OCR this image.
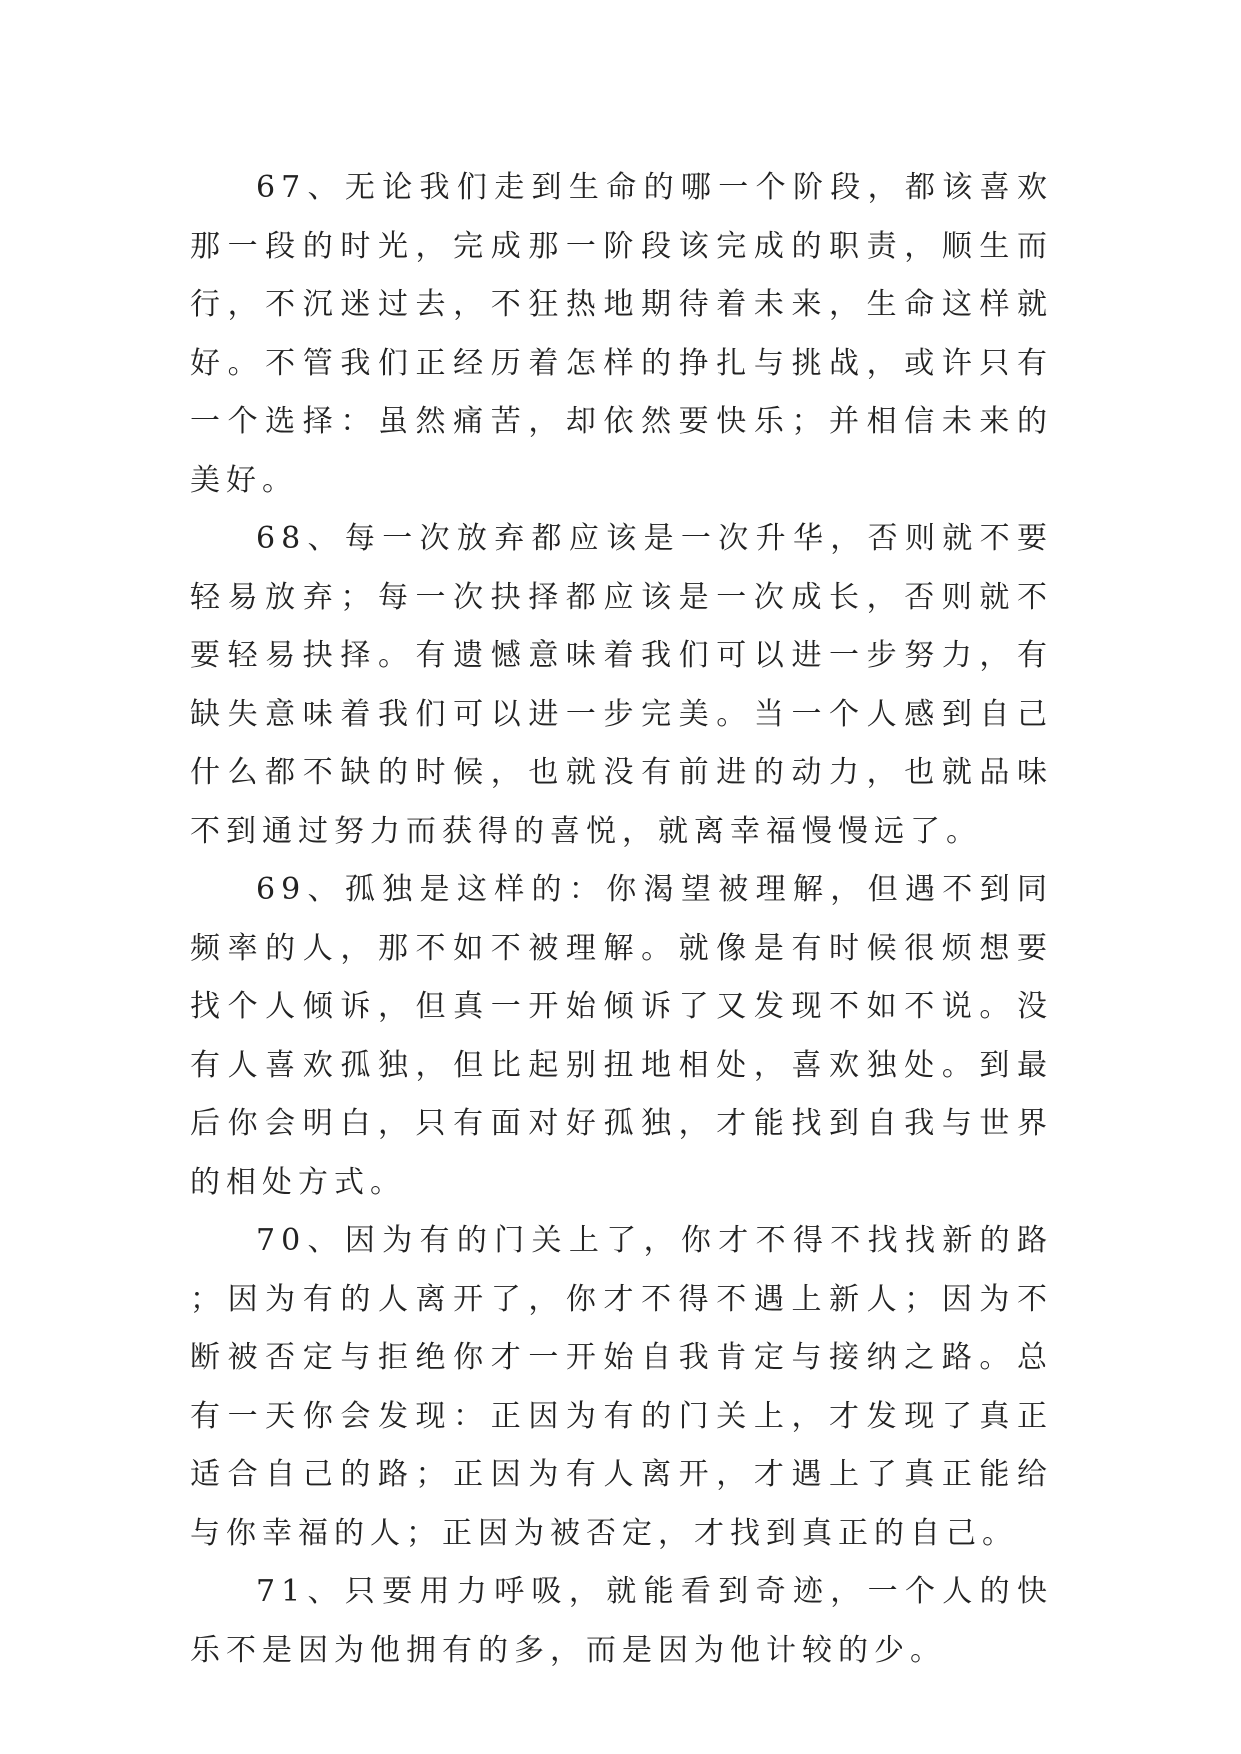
67、无论我们走到生命的哪一个阶段，都该喜欢那一段的时光，完成那一阶段该完成的职责，顺生而行，不沉迷过去，不狂热地期待着未来，生命这样就好。不管我们正经历着怎样的挣扎与挑战，或许只有一个选择：虽然痛苦，却依然要快乐；并相信未来的美好。

68、每一次放弃都应该是一次升华，否则就不要轻易放弃；每一次抉择都应该是一次成长，否则就不要轻易抉择。有遗憾意味着我们可以进一步努力，有缺失意味着我们可以进一步完美。当一个人感到自己什么都不缺的时候，也就没有前进的动力，也就品味不到通过努力而获得的喜悦，就离幸福慢慢远了。

69、孤独是这样的：你渴望被理解，但遇不到同频率的人，那不如不被理解。就像是有时候很烦想要找个人倾诉，但真一开始倾诉了又发现不如不说。没有人喜欢孤独，但比起别扭地相处，喜欢独处。到最后你会明白，只有面对好孤独，才能找到自我与世界的相处方式。

70、因为有的门关上了，你才不得不找找新的路；因为有的人离开了，你才不得不遇上新人；因为不断被否定与拒绝你才一开始自我肯定与接纳之路。总有一天你会发现：正因为有的门关上，才发现了真正适合自己的路；正因为有人离开，才遇上了真正能给与你幸福的人；正因为被否定，才找到真正的自己。

71、只要用力呼吸，就能看到奇迹，一个人的快乐不是因为他拥有的多，而是因为他计较的少。
